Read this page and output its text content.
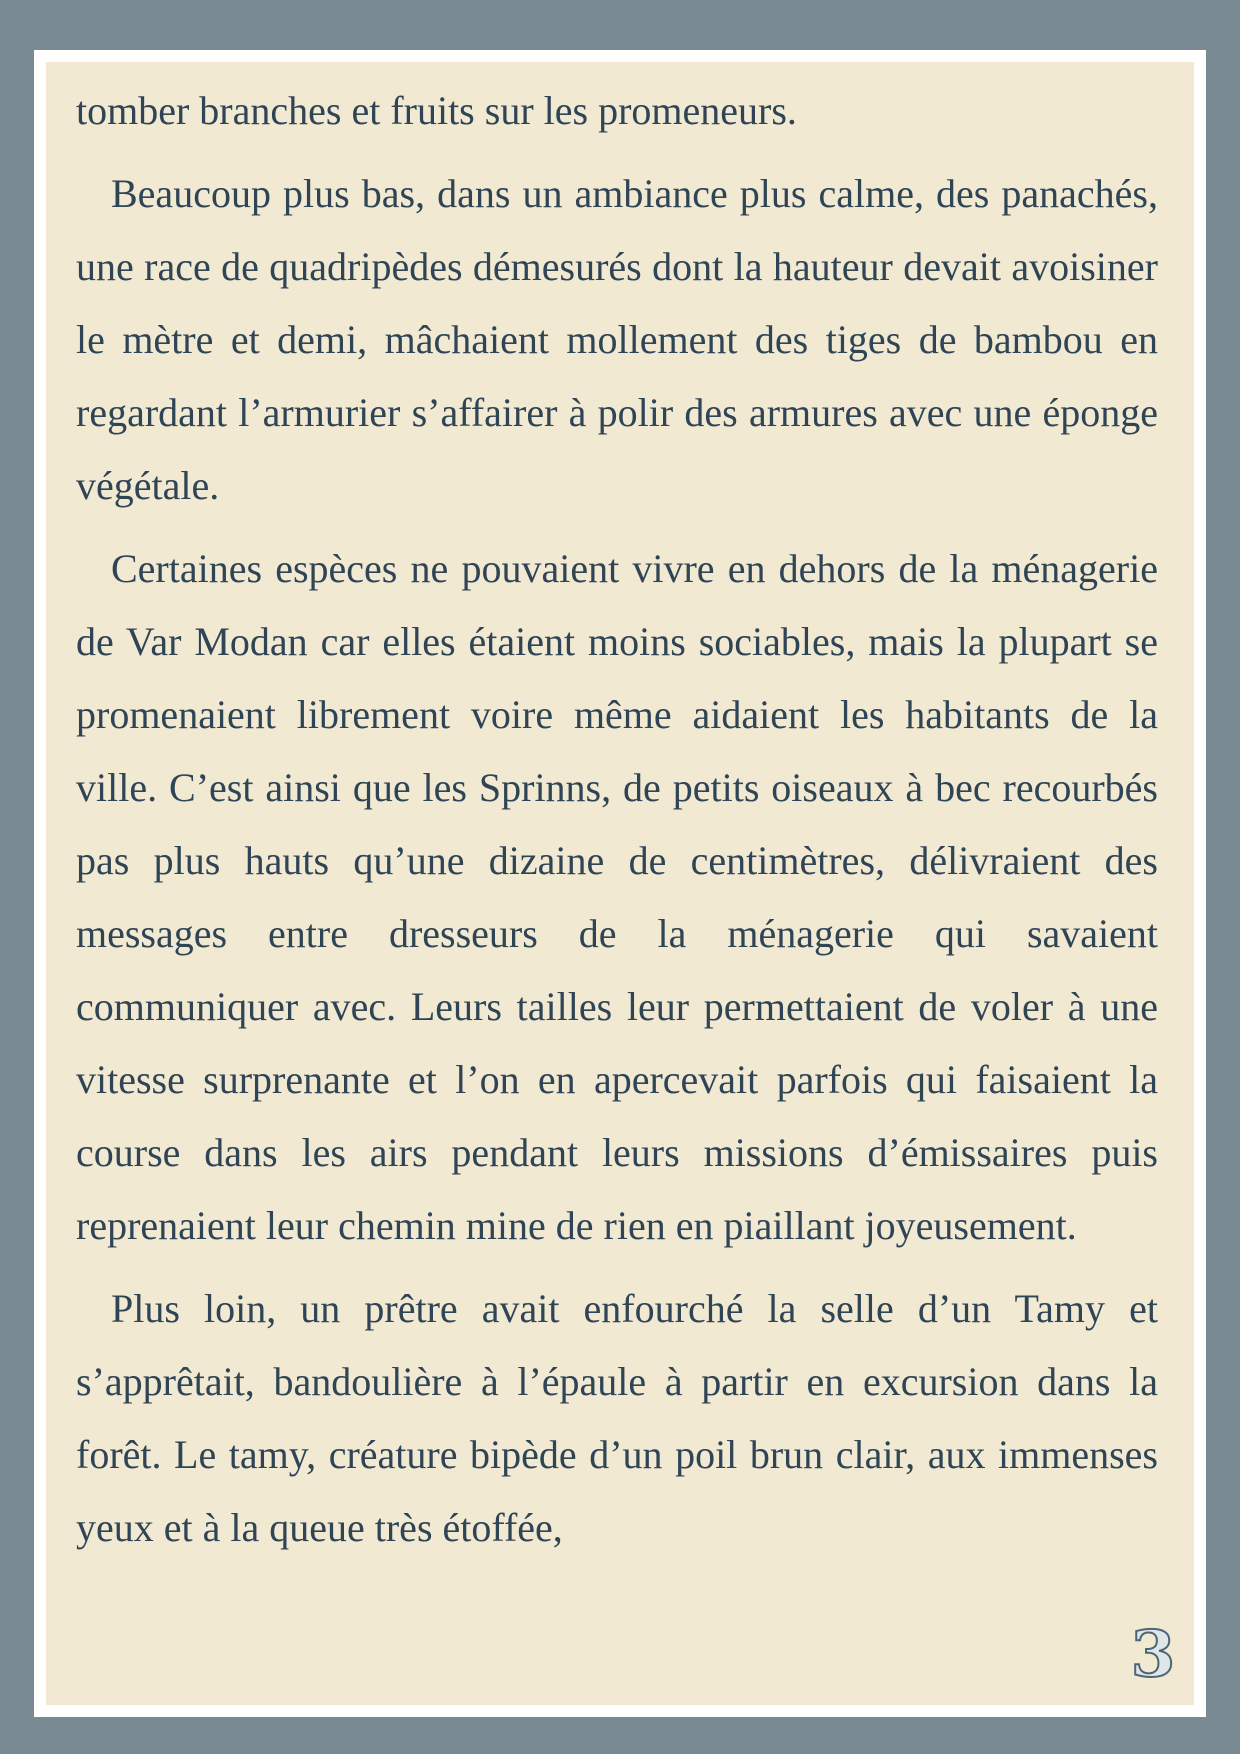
tomber branches et fruits sur les promeneurs.

Beaucoup plus bas, dans un ambiance plus calme, des panachés, une race de quadripèdes démesurés dont la hauteur devait avoisiner le mètre et demi, mâchaient mollement des tiges de bambou en regardant l’armurier s’affairer à polir des armures avec une éponge végétale.

Certaines espèces ne pouvaient vivre en dehors de la ménagerie de Var Modan car elles étaient moins sociables, mais la plupart se promenaient librement voire même aidaient les habitants de la ville. C’est ainsi que les Sprinns, de petits oiseaux à bec recourbés pas plus hauts qu’une dizaine de centimètres, délivraient des messages entre dresseurs de la ménagerie qui savaient communiquer avec. Leurs tailles leur permettaient de voler à une vitesse surprenante et l’on en apercevait parfois qui faisaient la course dans les airs pendant leurs missions d’émissaires puis reprenaient leur chemin mine de rien en piaillant joyeusement.

Plus loin, un prêtre avait enfourché la selle d’un Tamy et s’apprêtait, bandoulière à l’épaule à partir en excursion dans la forêt. Le tamy, créature bipède d’un poil brun clair, aux immenses yeux et à la queue très étoffée,

3
